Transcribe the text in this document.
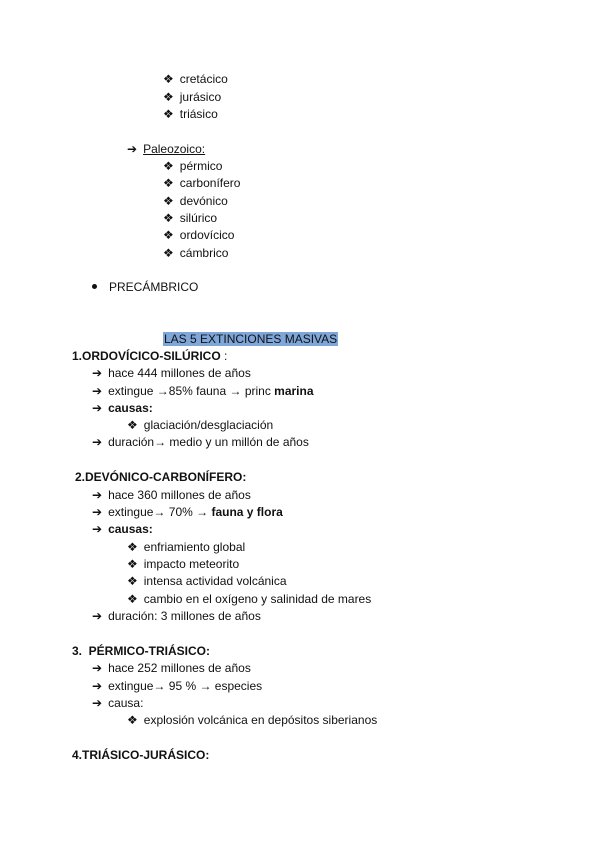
❖ cretácico
❖ jurásico
❖ triásico
➔ Paleozoico:
❖ pérmico
❖ carbonífero
❖ devónico
❖ silúrico
❖ ordovícico
❖ cámbrico
PRECÁMBRICO
LAS 5 EXTINCIONES MASIVAS
1.ORDOVÍCICO-SILÚRICO :
➔ hace 444 millones de años
➔ extingue →85% fauna → princ marina
➔ causas:
❖ glaciación/desglaciación
➔ duración→ medio y un millón de años
2.DEVÓNICO-CARBONÍFERO:
➔ hace 360 millones de años
➔ extingue→ 70% → fauna y flora
➔ causas:
❖ enfriamiento global
❖ impacto meteorito
❖ intensa actividad volcánica
❖ cambio en el oxígeno y salinidad de mares
➔ duración: 3 millones de años
3.  PÉRMICO-TRIÁSICO:
➔ hace 252 millones de años
➔ extingue→ 95 % → especies
➔ causa:
❖ explosión volcánica en depósitos siberianos
4.TRIÁSICO-JURÁSICO:
